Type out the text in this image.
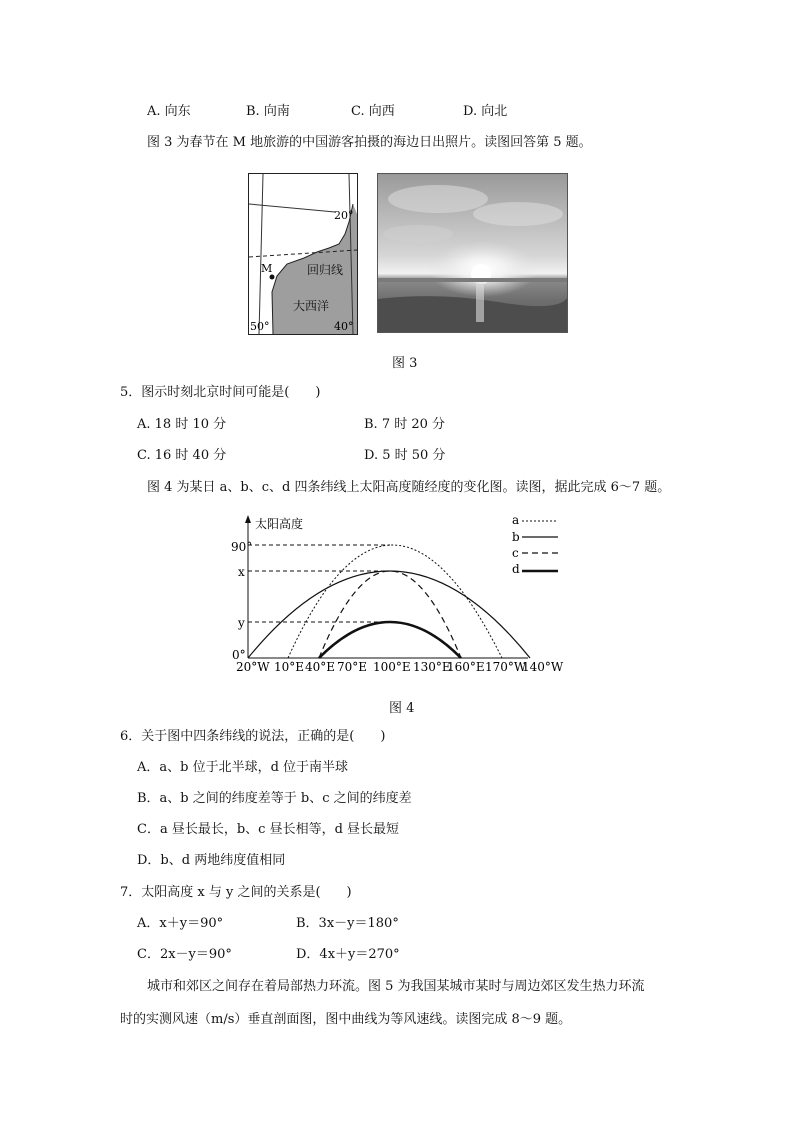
A. 向东	B. 向南	C. 向西	D. 向北
图 3 为春节在 M 地旅游的中国游客拍摄的海边日出照片。读图回答第 5 题。
M
20°
回归线
大西洋
50°	40°
图 3
5．图示时刻北京时间可能是(　　)
A. 18 时 10 分	B. 7 时 20 分
C. 16 时 40 分	D. 5 时 50 分
图 4 为某日 a、b、c、d 四条纬线上太阳高度随经度的变化图。读图，据此完成 6～7 题。
太阳高度
90°
x
y
0°
20°W 10°E 40°E 70°E 100°E 130°E
160°E 170°W
140°W
a
b
c
d
图 4
6．关于图中四条纬线的说法，正确的是(　　)
A．a、b 位于北半球，d 位于南半球
B．a、b 之间的纬度差等于 b、c 之间的纬度差
C．a 昼长最长，b、c 昼长相等，d 昼长最短
D．b、d 两地纬度值相同
7．太阳高度 x 与 y 之间的关系是(　　)
A．x＋y＝90°	B．3x－y＝180°
C．2x－y＝90°	D．4x＋y＝270°
城市和郊区之间存在着局部热力环流。图 5 为我国某城市某时与周边郊区发生热力环流
时的实测风速（m/s）垂直剖面图，图中曲线为等风速线。读图完成 8～9 题。
